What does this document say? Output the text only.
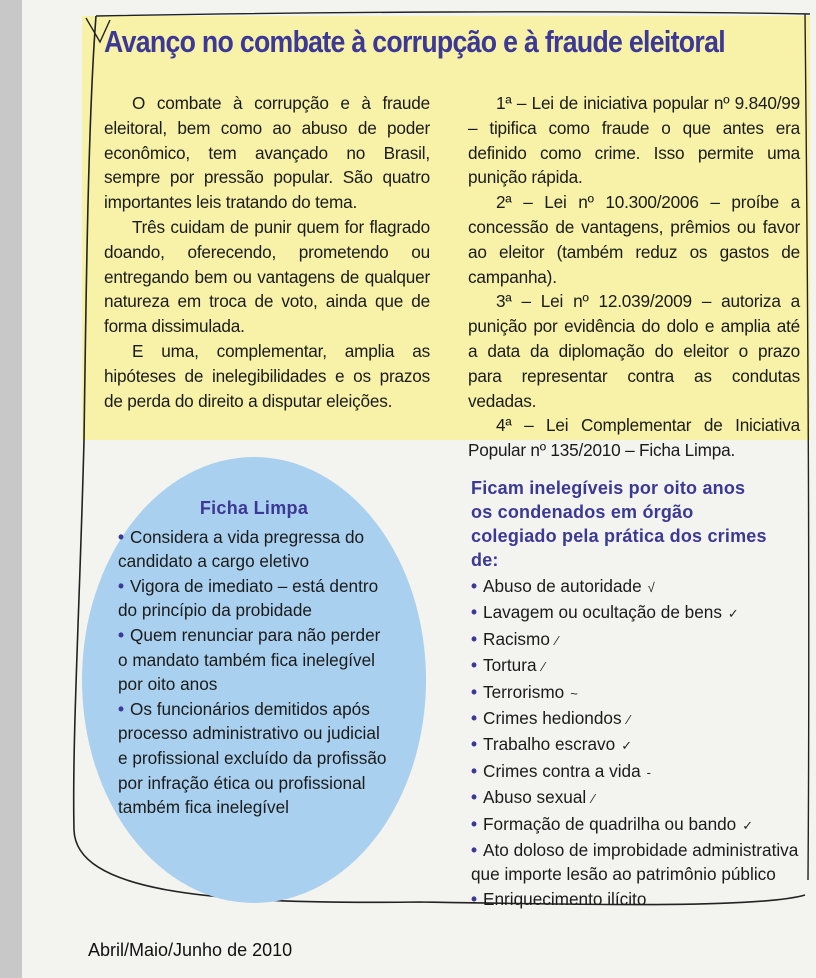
Avanço no combate à corrupção e à fraude eleitoral

O combate à corrupção e à fraude eleitoral, bem como ao abuso de poder econômico, tem avançado no Brasil, sempre por pressão popular. São quatro importantes leis tratando do tema.

Três cuidam de punir quem for flagrado doando, oferecendo, prometendo ou entregando bem ou vantagens de qualquer natureza em troca de voto, ainda que de forma dissimulada.

E uma, complementar, amplia as hipóteses de inelegibilidades e os prazos de perda do direito a disputar eleições.

1ª – Lei de iniciativa popular nº 9.840/99 – tipifica como fraude o que antes era definido como crime. Isso permite uma punição rápida.

2ª – Lei nº 10.300/2006 – proíbe a concessão de vantagens, prêmios ou favor ao eleitor (também reduz os gastos de campanha).

3ª – Lei nº 12.039/2009 – autoriza a punição por evidência do dolo e amplia até a data da diplomação do eleitor o prazo para representar contra as condutas vedadas.

4ª – Lei Complementar de Iniciativa Popular nº 135/2010 – Ficha Limpa.

Ficha Limpa
• Considera a vida pregressa do candidato a cargo eletivo
• Vigora de imediato – está dentro do princípio da probidade
• Quem renunciar para não perder o mandato também fica inelegível por oito anos
• Os funcionários demitidos após processo administrativo ou judicial e profissional excluído da profissão por infração ética ou profissional também fica inelegível
Ficam inelegíveis por oito anos os condenados em órgão colegiado pela prática dos crimes de:
• Abuso de autoridade √
• Lavagem ou ocultação de bens ✓
• Racismo ⁄
• Tortura ⁄
• Terrorismo ~
• Crimes hediondos ⁄
• Trabalho escravo ✓
• Crimes contra a vida -
• Abuso sexual ⁄
• Formação de quadrilha ou bando ✓
• Ato doloso de improbidade administrativa que importe lesão ao patrimônio público
• Enriquecimento ilícito
Abril/Maio/Junho de 2010
